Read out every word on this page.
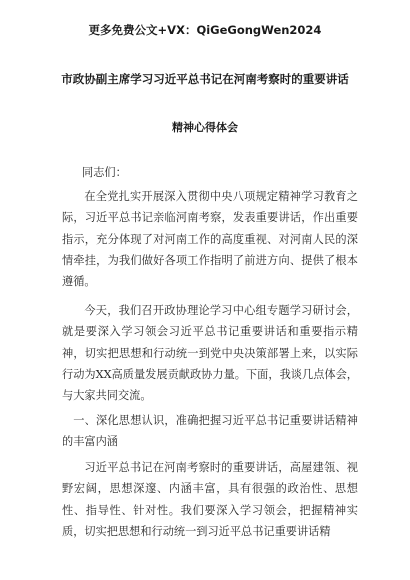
更多免费公文+VX：QiGeGongWen2024
市政协副主席学习习近平总书记在河南考察时的重要讲话
精神心得体会
同志们：

在全党扎实开展深入贯彻中央八项规定精神学习教育之际，习近平总书记亲临河南考察，发表重要讲话，作出重要指示，充分体现了对河南工作的高度重视、对河南人民的深情牵挂，为我们做好各项工作指明了前进方向、提供了根本遵循。

今天，我们召开政协理论学习中心组专题学习研讨会，就是要深入学习领会习近平总书记重要讲话和重要指示精神，切实把思想和行动统一到党中央决策部署上来，以实际行动为XX高质量发展贡献政协力量。下面，我谈几点体会，与大家共同交流。

一、深化思想认识，准确把握习近平总书记重要讲话精神的丰富内涵

习近平总书记在河南考察时的重要讲话，高屋建瓴、视野宏阔，思想深邃、内涵丰富，具有很强的政治性、思想性、指导性、针对性。我们要深入学习领会，把握精神实质，切实把思想和行动统一到习近平总书记重要讲话精
